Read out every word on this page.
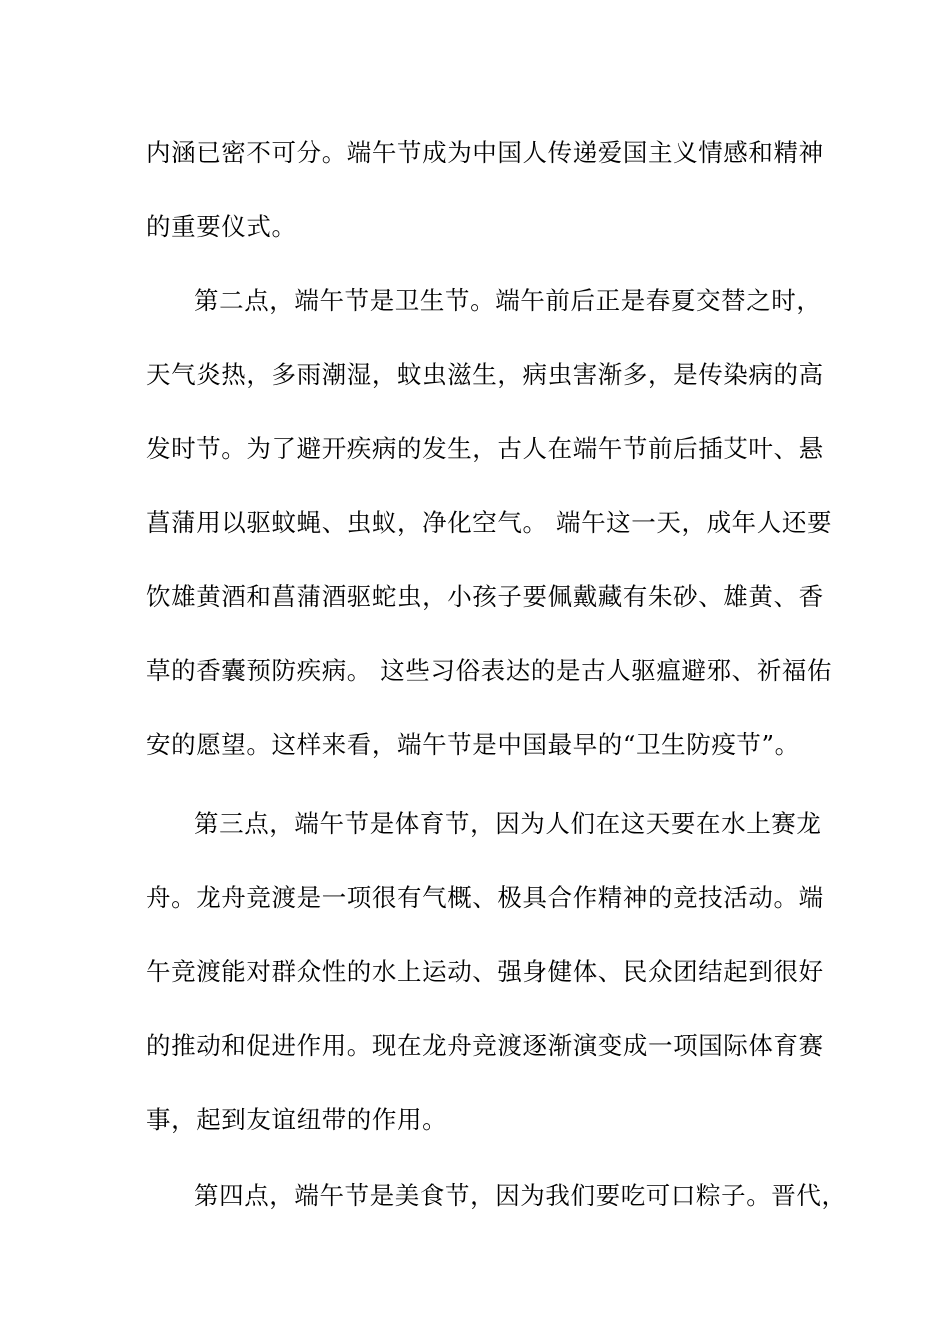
内涵已密不可分。端午节成为中国人传递爱国主义情感和精神
的重要仪式。
第二点，端午节是卫生节。端午前后正是春夏交替之时，
天气炎热，多雨潮湿，蚊虫滋生，病虫害渐多，是传染病的高
发时节。为了避开疾病的发生，古人在端午节前后插艾叶、悬
菖蒲用以驱蚊蝇、虫蚁，净化空气。 端午这一天，成年人还要
饮雄黄酒和菖蒲酒驱蛇虫，小孩子要佩戴藏有朱砂、雄黄、香
草的香囊预防疾病。 这些习俗表达的是古人驱瘟避邪、祈福佑
安的愿望。这样来看，端午节是中国最早的“卫生防疫节”。
第三点，端午节是体育节，因为人们在这天要在水上赛龙
舟。龙舟竞渡是一项很有气概、极具合作精神的竞技活动。端
午竞渡能对群众性的水上运动、强身健体、民众团结起到很好
的推动和促进作用。现在龙舟竞渡逐渐演变成一项国际体育赛
事，起到友谊纽带的作用。
第四点，端午节是美食节，因为我们要吃可口粽子。晋代，
